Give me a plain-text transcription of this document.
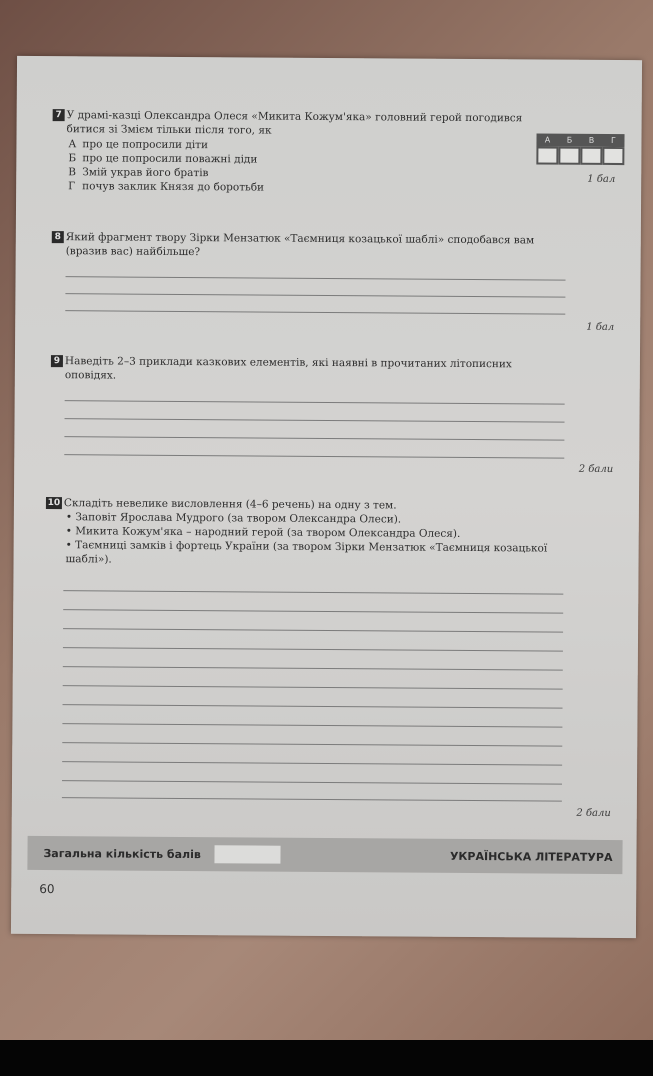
7 У драмі-казці Олександра Олеся «Микита Кожум'яка» головний герой погодився битися зі Змієм тільки після того, як
А про це попросили діти
Б про це попросили поважні діди
В Змій украв його братів
Г почув заклик Князя до боротьби
А	Б	В	Г
1 бал
8 Який фрагмент твору Зірки Мензатюк «Таємниця козацької шаблі» сподобався вам (вразив вас) найбільше?
1 бал
9 Наведіть 2–3 приклади казкових елементів, які наявні в прочитаних літописних оповідях.
2 бали
10 Складіть невелике висловлення (4–6 речень) на одну з тем.
• Заповіт Ярослава Мудрого (за твором Олександра Олеси).
• Микита Кожум'яка – народний герой (за твором Олександра Олеся).
• Таємниці замків і фортець України (за твором Зірки Мензатюк «Таємниця козацької шаблі»).
2 бали
Загальна кількість балів	УКРАЇНСЬКА ЛІТЕРАТУРА
60
